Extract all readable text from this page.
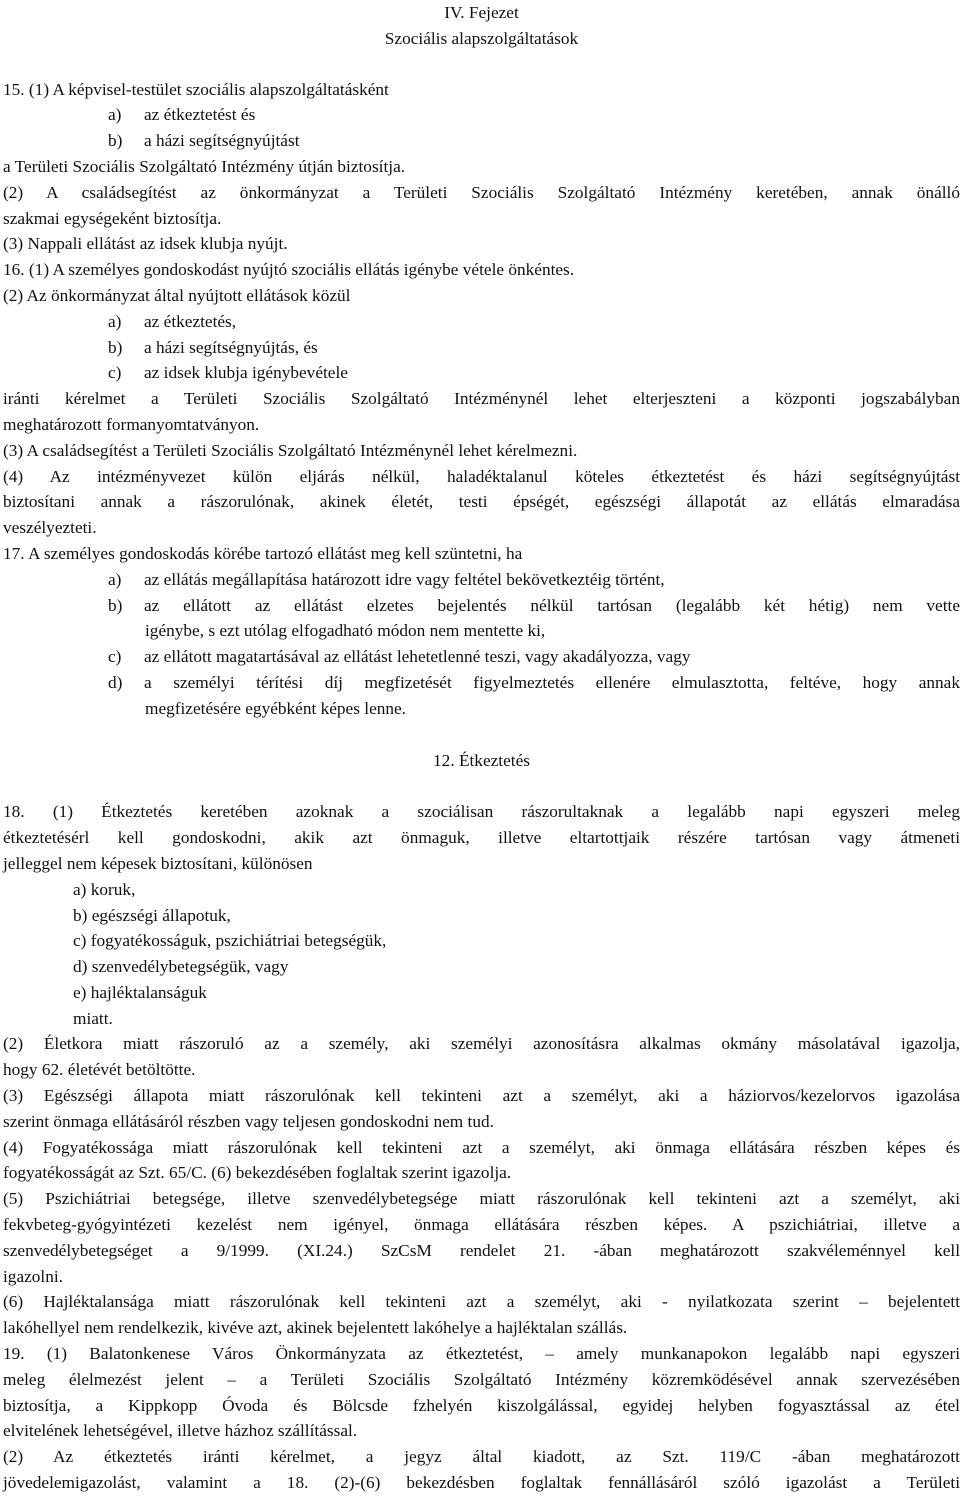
IV. Fejezet
Szociális alapszolgáltatások
15. (1) A képvisel-testület szociális alapszolgáltatásként
a) az étkeztetést és
b) a házi segítségnyújtást
a Területi Szociális Szolgáltató Intézmény útján biztosítja.
(2) A családsegítést az önkormányzat a Területi Szociális Szolgáltató Intézmény keretében, annak önálló
szakmai egységeként biztosítja.
(3) Nappali ellátást az idsek klubja nyújt.
16. (1) A személyes gondoskodást nyújtó szociális ellátás igénybe vétele önkéntes.
(2) Az önkormányzat által nyújtott ellátások közül
a) az étkeztetés,
b) a házi segítségnyújtás, és
c) az idsek klubja igénybevétele
iránti kérelmet a Területi Szociális Szolgáltató Intézménynél lehet elterjeszteni a központi jogszabályban
meghatározott formanyomtatványon.
(3) A családsegítést a Területi Szociális Szolgáltató Intézménynél lehet kérelmezni.
(4) Az intézményvezet külön eljárás nélkül, haladéktalanul köteles étkeztetést és házi segítségnyújtást
biztosítani annak a rászorulónak, akinek életét, testi épségét, egészségi állapotát az ellátás elmaradása
veszélyezteti.
17. A személyes gondoskodás körébe tartozó ellátást meg kell szüntetni, ha
a) az ellátás megállapítása határozott idre vagy feltétel bekövetkeztéig történt,
b)	az ellátott az ellátást elzetes bejelentés nélkül tartósan (legalább két hétig) nem vette
igénybe, s ezt utólag elfogadható módon nem mentette ki,
c) az ellátott magatartásával az ellátást lehetetlenné teszi, vagy akadályozza, vagy
d)	a személyi térítési díj megfizetését figyelmeztetés ellenére elmulasztotta, feltéve, hogy annak
megfizetésére egyébként képes lenne.
12. Étkeztetés
18. (1) Étkeztetés keretében azoknak a szociálisan rászorultaknak a legalább napi egyszeri meleg
étkeztetésérl kell gondoskodni, akik azt önmaguk, illetve eltartottjaik részére tartósan vagy átmeneti
jelleggel nem képesek biztosítani, különösen
a) koruk,
b) egészségi állapotuk,
c) fogyatékosságuk, pszichiátriai betegségük,
d) szenvedélybetegségük, vagy
e) hajléktalanságuk
miatt.
(2) Életkora miatt rászoruló az a személy, aki személyi azonosításra alkalmas okmány másolatával igazolja,
hogy 62. életévét betöltötte.
(3) Egészségi állapota miatt rászorulónak kell tekinteni azt a személyt, aki a háziorvos/kezelorvos igazolása
szerint önmaga ellátásáról részben vagy teljesen gondoskodni nem tud.
(4) Fogyatékossága miatt rászorulónak kell tekinteni azt a személyt, aki önmaga ellátására részben képes és
fogyatékosságát az Szt. 65/C. (6) bekezdésében foglaltak szerint igazolja.
(5) Pszichiátriai betegsége, illetve szenvedélybetegsége miatt rászorulónak kell tekinteni azt a személyt, aki
fekvbeteg-gyógyintézeti kezelést nem igényel, önmaga ellátására részben képes. A pszichiátriai, illetve a
szenvedélybetegséget a 9/1999. (XI.24.) SzCsM rendelet 21. -ában meghatározott szakvéleménnyel kell
igazolni.
(6) Hajléktalansága miatt rászorulónak kell tekinteni azt a személyt, aki - nyilatkozata szerint – bejelentett
lakóhellyel nem rendelkezik, kivéve azt, akinek bejelentett lakóhelye a hajléktalan szállás.
19. (1) Balatonkenese Város Önkormányzata az étkeztetést, – amely munkanapokon legalább napi egyszeri
meleg élelmezést jelent – a Területi Szociális Szolgáltató Intézmény közremködésével annak szervezésében
biztosítja, a Kippkopp Óvoda és Bölcsde fzhelyén kiszolgálással, egyidej helyben fogyasztással az étel
elvitelének lehetségével, illetve házhoz szállítással.
(2) Az étkeztetés iránti kérelmet, a jegyz által kiadott, az Szt. 119/C -ában meghatározott
jövedelemigazolást, valamint a 18. (2)-(6) bekezdésben foglaltak fennállásáról szóló igazolást a Területi
